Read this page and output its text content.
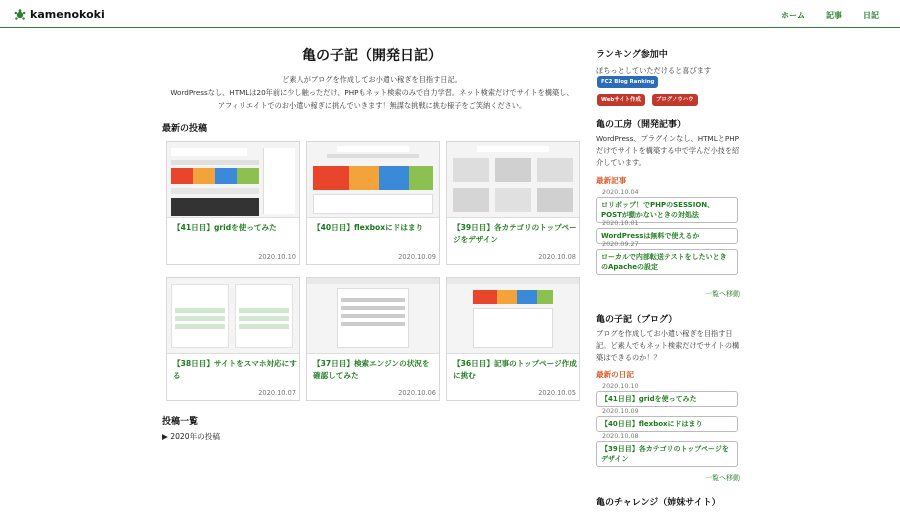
kamenokoki	ホーム	記事	日記
亀の子記（開発日記）
ど素人がブログを作成してお小遣い稼ぎを目指す日記。
WordPressなし、HTMLは20年前に少し触っただけ、PHPもネット検索のみで自力学習。ネット検索だけでサイトを構築し、
アフィリエイトでのお小遣い稼ぎに挑んでいきます！無謀な挑戦に挑む様子をご笑納ください。
最新の投稿
【41日目】gridを使ってみた
2020.10.10
【40日目】flexboxにドはまり
2020.10.09
【39日目】各カテゴリのトップページをデザイン
2020.10.08
【38日目】サイトをスマホ対応にする
2020.10.07
【37日目】検索エンジンの状況を確認してみた
2020.10.06
【36日目】記事のトップページ作成に挑む
2020.10.05
投稿一覧
▶ 2020年の投稿
ランキング参加中
ぽちっとしていただけると喜びます
FC2 Blog Ranking
Webサイト作成	ブログノウハウ
亀の工房（開発記事）
WordPress、プラグインなし、HTMLとPHPだけでサイトを構築する中で学んだ小技を紹介しています。
最新記事
2020.10.04
ロリポップ！でPHPのSESSION、POSTが動かないときの対処法
2020.10.01
WordPressは無料で使えるか
2020.09.27
ローカルで内部転送テストをしたいときのApacheの設定
一覧へ移動
亀の子記（ブログ）
ブログを作成してお小遣い稼ぎを目指す日記。ど素人でもネット検索だけでサイトの構築はできるのか！？
最新の日記
2020.10.10
【41日目】gridを使ってみた
2020.10.09
【40日目】flexboxにドはまり
2020.10.08
【39日目】各カテゴリのトップページをデザイン
一覧へ移動
亀のチャレンジ（姉妹サイト）
